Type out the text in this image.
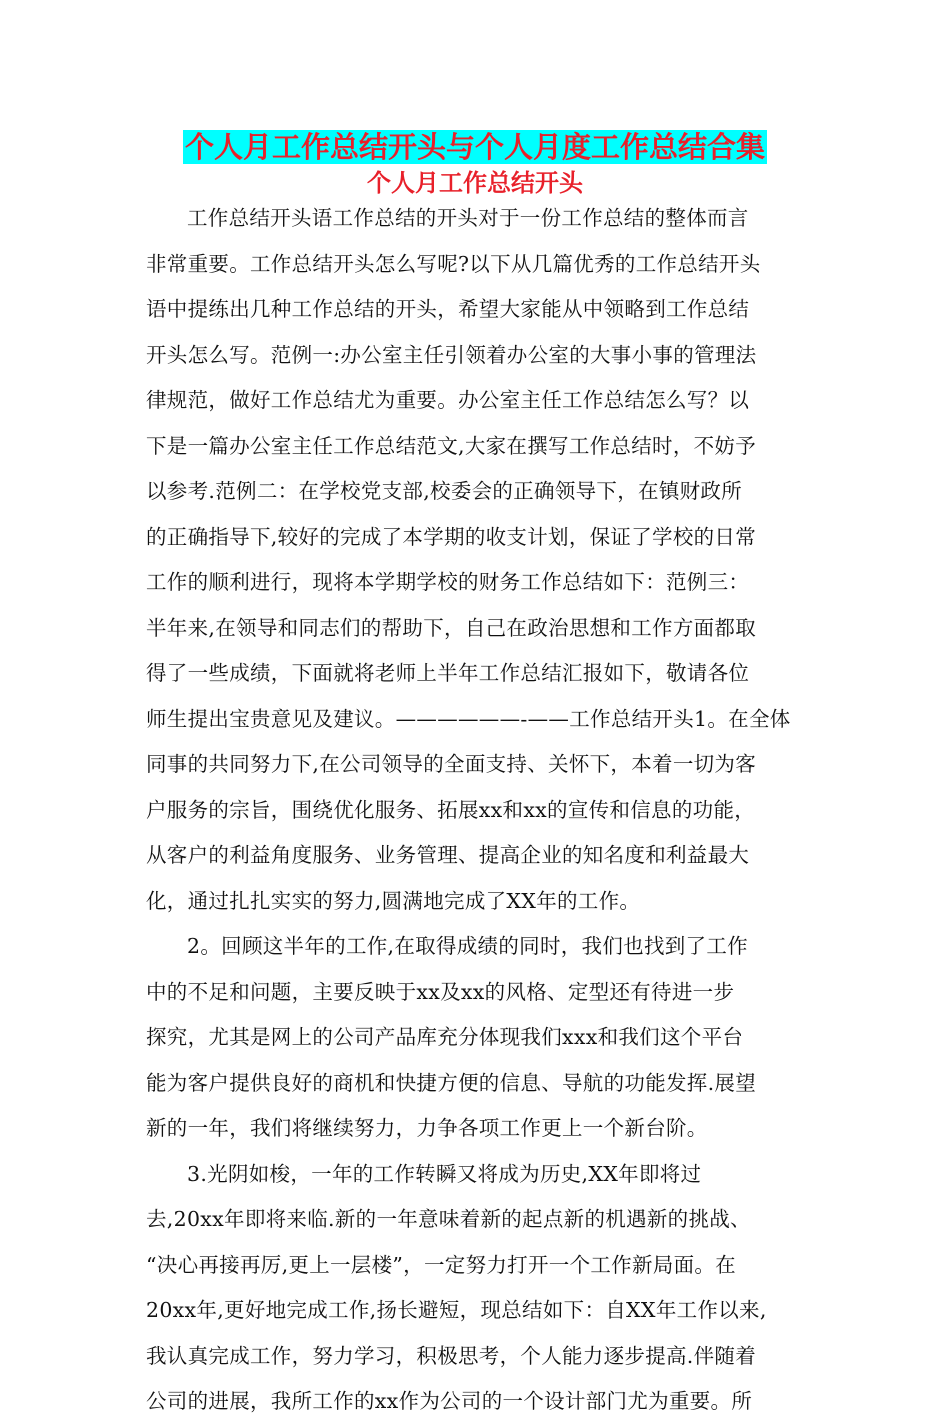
个人月工作总结开头与个人月度工作总结合集
个人月工作总结开头
工作总结开头语工作总结的开头对于一份工作总结的整体而言
非常重要。工作总结开头怎么写呢?以下从几篇优秀的工作总结开头
语中提练出几种工作总结的开头，希望大家能从中领略到工作总结
开头怎么写。范例一:办公室主任引领着办公室的大事小事的管理法
律规范，做好工作总结尤为重要。办公室主任工作总结怎么写？以
下是一篇办公室主任工作总结范文,大家在撰写工作总结时，不妨予
以参考.范例二：在学校党支部,校委会的正确领导下，在镇财政所
的正确指导下,较好的完成了本学期的收支计划，保证了学校的日常
工作的顺利进行，现将本学期学校的财务工作总结如下：范例三：
半年来,在领导和同志们的帮助下，自己在政治思想和工作方面都取
得了一些成绩，下面就将老师上半年工作总结汇报如下，敬请各位
师生提出宝贵意见及建议。——————-——工作总结开头1。在全体
同事的共同努力下,在公司领导的全面支持、关怀下，本着一切为客
户服务的宗旨，围绕优化服务、拓展xx和xx的宣传和信息的功能，
从客户的利益角度服务、业务管理、提高企业的知名度和利益最大
化，通过扎扎实实的努力,圆满地完成了XX年的工作。
2。回顾这半年的工作,在取得成绩的同时，我们也找到了工作
中的不足和问题，主要反映于xx及xx的风格、定型还有待进一步
探究，尤其是网上的公司产品库充分体现我们xxx和我们这个平台
能为客户提供良好的商机和快捷方便的信息、导航的功能发挥.展望
新的一年，我们将继续努力，力争各项工作更上一个新台阶。
3.光阴如梭，一年的工作转瞬又将成为历史,XX年即将过
去,20xx年即将来临.新的一年意味着新的起点新的机遇新的挑战、
“决心再接再厉,更上一层楼”，一定努力打开一个工作新局面。在
20xx年,更好地完成工作,扬长避短，现总结如下：自XX年工作以来,
我认真完成工作，努力学习，积极思考，个人能力逐步提高.伴随着
公司的进展，我所工作的xx作为公司的一个设计部门尤为重要。所
